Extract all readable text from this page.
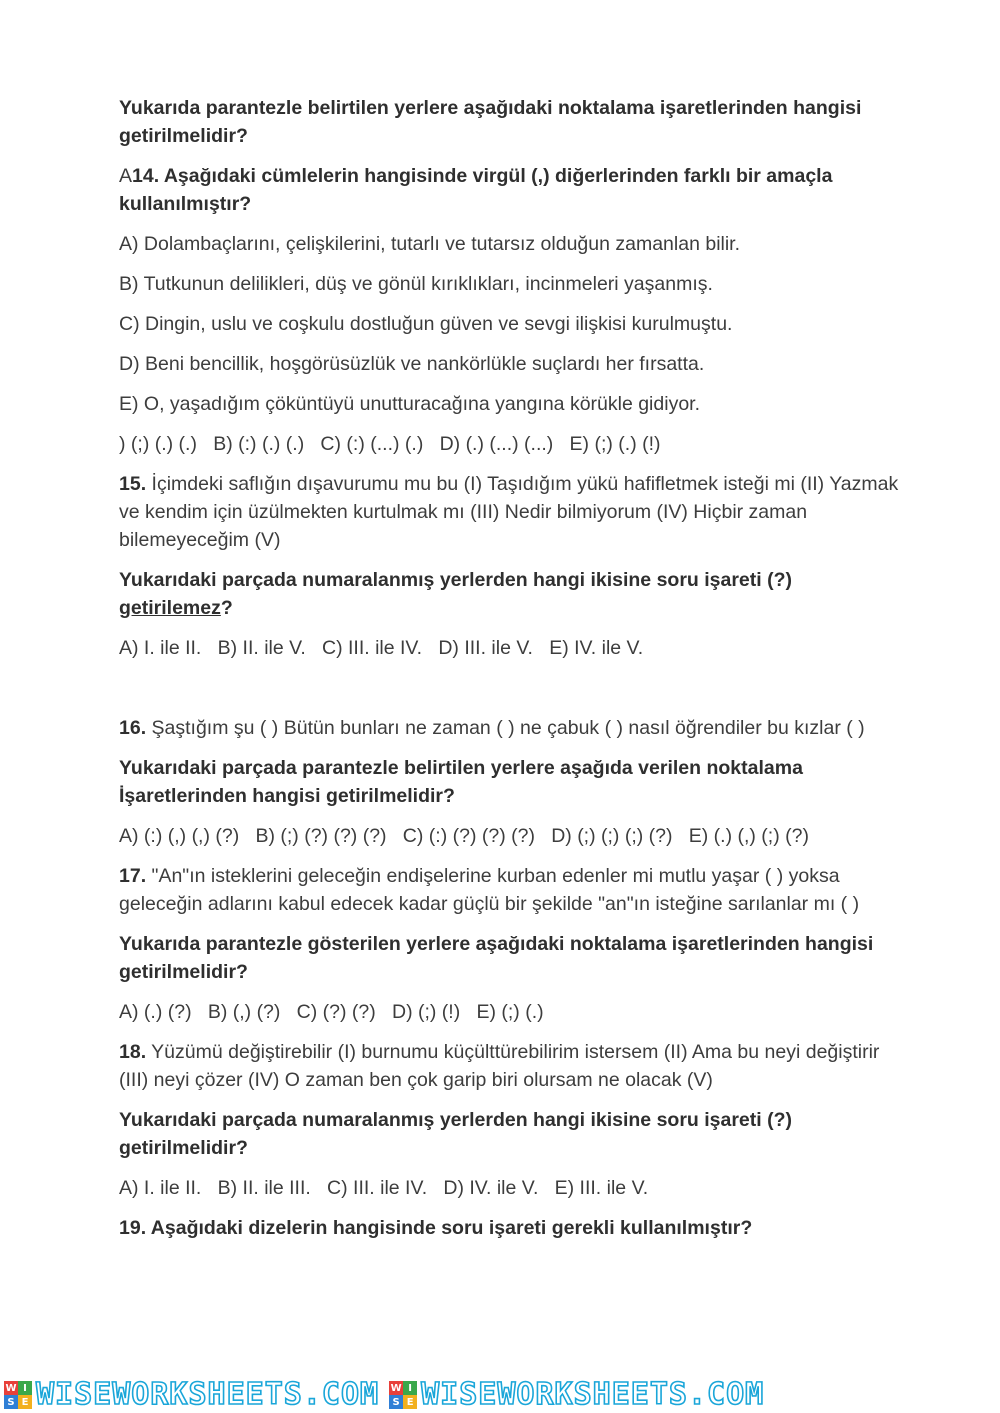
Yukarıda parantezle belirtilen yerlere aşağıdaki noktalama işaretlerinden hangisi getirilmelidir?

A14. Aşağıdaki cümlelerin hangisinde virgül (,) diğerlerinden farklı bir amaçla kullanılmıştır?

A) Dolambaçlarını, çelişkilerini, tutarlı ve tutarsız olduğun zamanlan bilir.

B) Tutkunun delilikleri, düş ve gönül kırıklıkları, incinmeleri yaşanmış.

C) Dingin, uslu ve coşkulu dostluğun güven ve sevgi ilişkisi kurulmuştu.

D) Beni bencillik, hoşgörüsüzlük ve nankörlükle suçlardı her fırsatta.

E) O, yaşadığım çöküntüyü unutturacağına yangına körükle gidiyor.

) (;) (.) (.)   B) (:) (.) (.)   C) (:) (...) (.)   D) (.) (...) (...)   E) (;) (.) (!)

15. İçimdeki saflığın dışavurumu mu bu (I) Taşıdığım yükü hafifletmek isteği mi (II) Yazmak ve kendim için üzülmekten kurtulmak mı (III) Nedir bilmiyorum (IV) Hiçbir zaman bilemeyeceğim (V)

Yukarıdaki parçada numaralanmış yerlerden hangi ikisine soru işareti (?) getirilemez?

A) I. ile II.   B) II. ile V.   C) III. ile IV.   D) III. ile V.   E) IV. ile V.

16. Şaştığım şu ( ) Bütün bunları ne zaman ( ) ne çabuk ( ) nasıl öğrendiler bu kızlar ( )

Yukarıdaki parçada parantezle belirtilen yerlere aşağıda verilen noktalama İşaretlerinden hangisi getirilmelidir?

A) (:) (,) (,) (?)   B) (;) (?) (?) (?)   C) (:) (?) (?) (?)   D) (;) (;) (;) (?)   E) (.) (,) (;) (?)

17. "An"ın isteklerini geleceğin endişelerine kurban edenler mi mutlu yaşar ( ) yoksa geleceğin adlarını kabul edecek kadar güçlü bir şekilde "an"ın isteğine sarılanlar mı ( )

Yukarıda parantezle gösterilen yerlere aşağıdaki noktalama işaretlerinden hangisi getirilmelidir?

A) (.) (?)   B) (,) (?)   C) (?) (?)   D) (;) (!)   E) (;) (.)

18. Yüzümü değiştirebilir (I) burnumu küçülttürebilirim istersem (II) Ama bu neyi değiştirir (III) neyi çözer (IV) O zaman ben çok garip biri olursam ne olacak (V)

Yukarıdaki parçada numaralanmış yerlerden hangi ikisine soru işareti (?) getirilmelidir?

A) I. ile II.   B) II. ile III.   C) III. ile IV.   D) IV. ile V.   E) III. ile V.

19. Aşağıdaki dizelerin hangisinde soru işareti gerekli kullanılmıştır?

W I
S E WISEWORKSHEETS.COM W I
S E WISEWORKSHEETS.COM
